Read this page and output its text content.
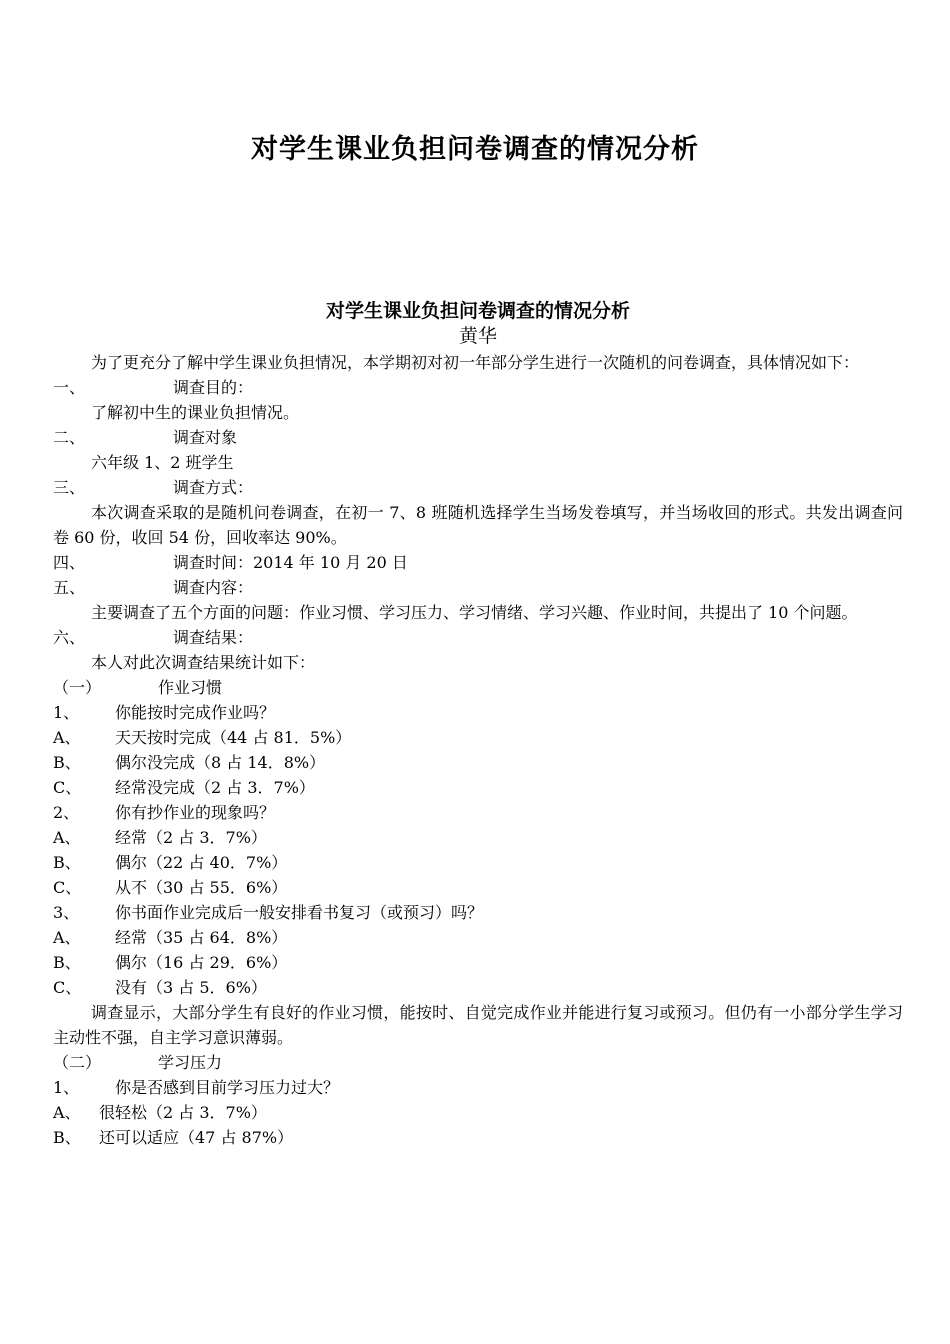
对学生课业负担问卷调查的情况分析
对学生课业负担问卷调查的情况分析
黄华
为了更充分了解中学生课业负担情况，本学期初对初一年部分学生进行一次随机的问卷调查，具体情况如下：
一、	调查目的：
了解初中生的课业负担情况。
二、	调查对象
六年级 1、2 班学生
三、	调查方式：
本次调查采取的是随机问卷调查，在初一 7、8 班随机选择学生当场发卷填写，并当场收回的形式。共发出调查问卷 60 份，收回 54 份，回收率达 90%。
四、	调查时间：2014 年 10 月 20 日
五、	调查内容：
主要调查了五个方面的问题：作业习惯、学习压力、学习情绪、学习兴趣、作业时间，共提出了 10 个问题。
六、	调查结果：
本人对此次调查结果统计如下：
（一）	作业习惯
1、 你能按时完成作业吗？
A、 天天按时完成（44 占 81．5%）
B、 偶尔没完成（8 占 14．8%）
C、 经常没完成（2 占 3．7%）
2、 你有抄作业的现象吗？
A、 经常（2 占 3．7%）
B、 偶尔（22 占 40．7%）
C、 从不（30 占 55．6%）
3、 你书面作业完成后一般安排看书复习（或预习）吗？
A、 经常（35 占 64．8%）
B、 偶尔（16 占 29．6%）
C、 没有（3 占 5．6%）
调查显示，大部分学生有良好的作业习惯，能按时、自觉完成作业并能进行复习或预习。但仍有一小部分学生学习主动性不强，自主学习意识薄弱。
（二）	学习压力
1、 你是否感到目前学习压力过大？
A、 很轻松（2 占 3．7%）
B、 还可以适应（47 占 87%）
